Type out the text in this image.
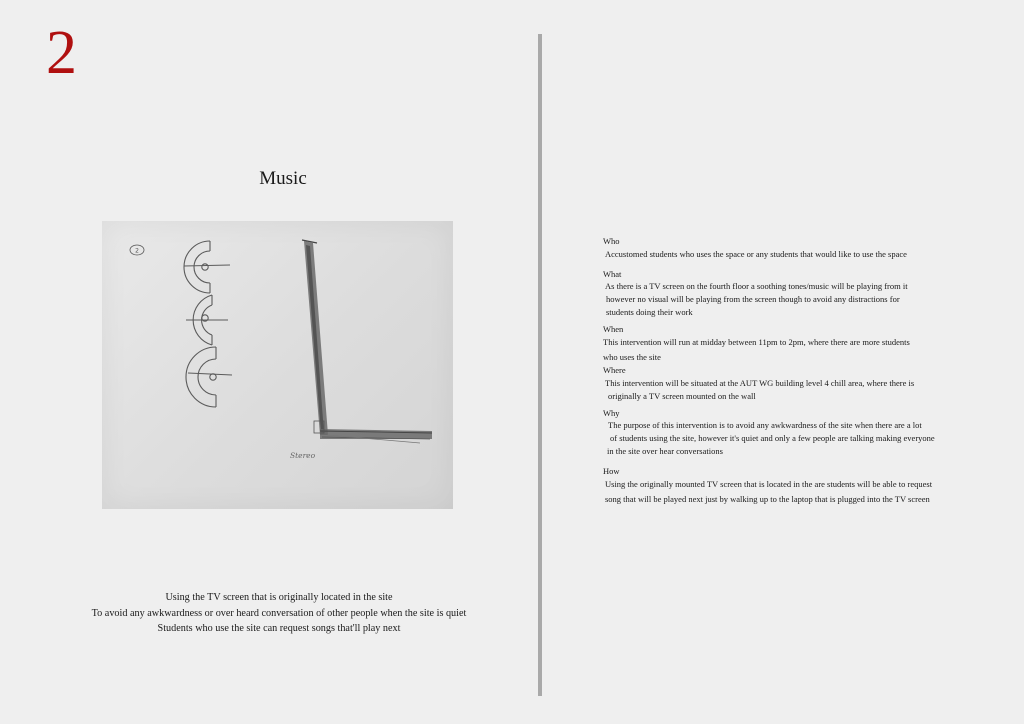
2
Music
2
Stereo
Using the TV screen that is originally located in the site
To avoid any awkwardness or over heard conversation of other people when the site is quiet
Students who use the site can request songs that'll play next
Who
Accustomed students who uses the space or any students that would like to use the space
What
As there is a TV screen on the fourth floor a soothing tones/music will be playing from it
however no visual will be playing from the screen though to avoid any distractions for
students doing their work
When
This intervention will run at midday between 11pm to 2pm, where there are more students
who uses the site
Where
This intervention will be situated at the AUT WG building level 4 chill area, where there is
originally a TV screen mounted on the wall
Why
The purpose of this intervention is to avoid any awkwardness of the site when there are a lot
of students using the site, however it's quiet and only a few people are talking making everyone
in the site over hear conversations
How
Using the originally mounted TV screen that is located in the are students will be able to request
song that will be played next just by walking up to the laptop that is plugged into the TV screen
